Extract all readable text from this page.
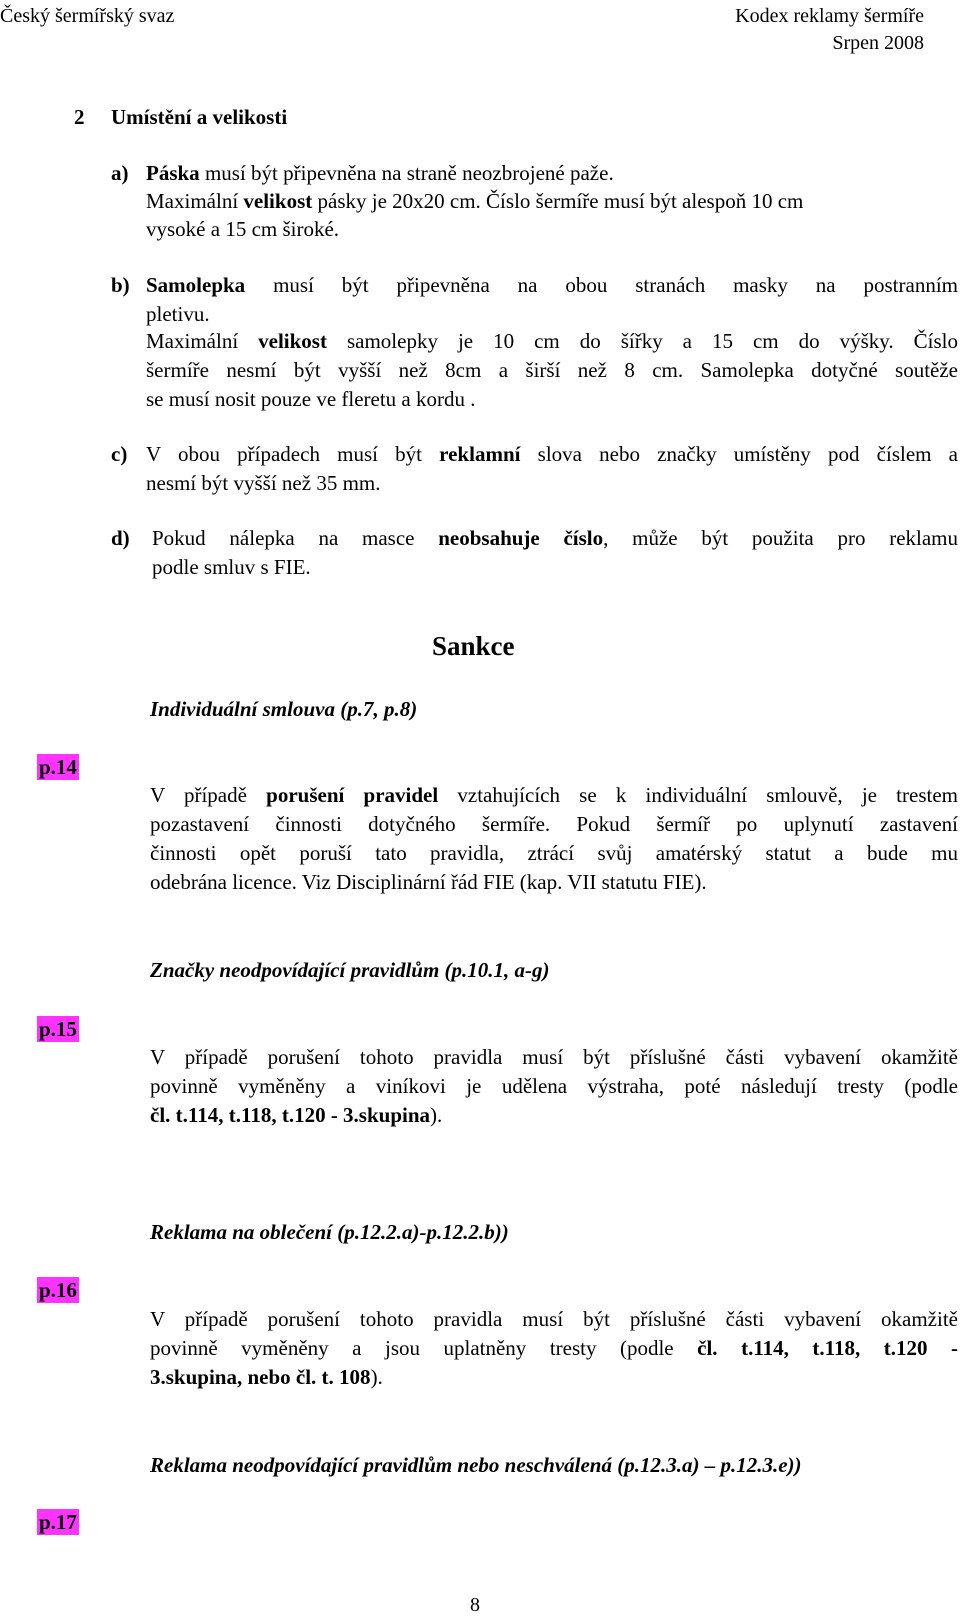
Český šermířský svaz	Kodex reklamy šermíře
Srpen 2008
2 Umístění a velikosti
a) Páska musí být připevněna na straně neozbrojené paže.
Maximální velikost pásky je 20x20 cm. Číslo šermíře musí být alespoň 10 cm
vysoké a 15 cm široké.
b) Samolepka musí být připevněna na obou stranách masky na postranním
pletivu.
Maximální velikost samolepky je 10 cm do šířky a 15 cm do výšky. Číslo
šermíře nesmí být vyšší než 8cm a širší než 8 cm. Samolepka dotyčné soutěže
se musí nosit pouze ve fleretu a kordu .
c) V obou případech musí být reklamní slova nebo značky umístěny pod číslem a
nesmí být vyšší než 35 mm.
d) Pokud nálepka na masce neobsahuje číslo, může být použita pro reklamu
podle smluv s FIE.
Sankce
Individuální smlouva (p.7, p.8)
p.14
V případě porušení pravidel vztahujících se k individuální smlouvě, je trestem
pozastavení činnosti dotyčného šermíře. Pokud šermíř po uplynutí zastavení
činnosti opět poruší tato pravidla, ztrácí svůj amatérský statut a bude mu
odebrána licence. Viz Disciplinární řád FIE (kap. VII statutu FIE).
Značky neodpovídající pravidlům (p.10.1, a-g)
p.15
V případě porušení tohoto pravidla musí být příslušné části vybavení okamžitě
povinně vyměněny a viníkovi je udělena výstraha, poté následují tresty (podle
čl. t.114, t.118, t.120 - 3.skupina).
Reklama na oblečení (p.12.2.a)-p.12.2.b))
p.16
V případě porušení tohoto pravidla musí být příslušné části vybavení okamžitě
povinně vyměněny a jsou uplatněny tresty (podle čl. t.114, t.118, t.120 -
3.skupina, nebo čl. t. 108).
Reklama neodpovídající pravidlům nebo neschválená (p.12.3.a) – p.12.3.e))
p.17
8
